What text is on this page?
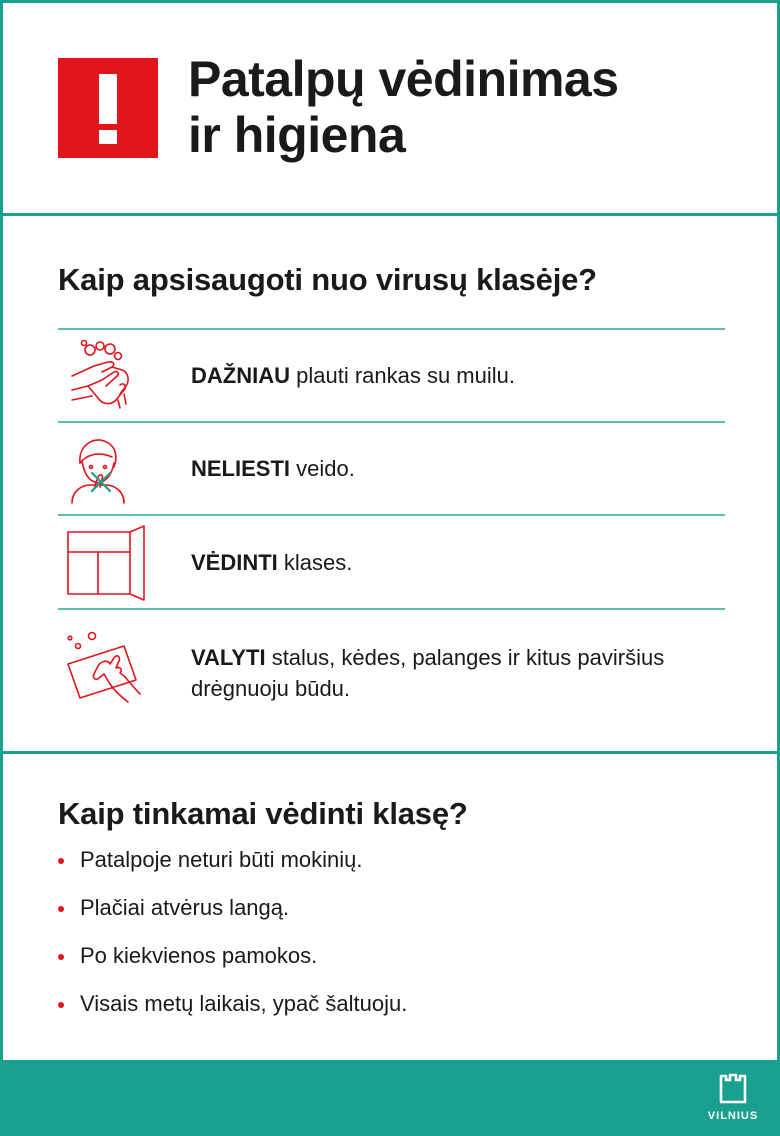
Patalpų vėdinimas
ir higiena
Kaip apsisaugoti nuo virusų klasėje?
DAŽNIAU plauti rankas su muilu.
NELIESTI veido.
VĖDINTI klases.
VALYTI stalus, kėdes, palanges ir kitus paviršius drėgnuoju būdu.
Kaip tinkamai vėdinti klasę?
Patalpoje neturi būti mokinių.
Plačiai atvėrus langą.
Po kiekvienos pamokos.
Visais metų laikais, ypač šaltuoju.
VILNIUS
